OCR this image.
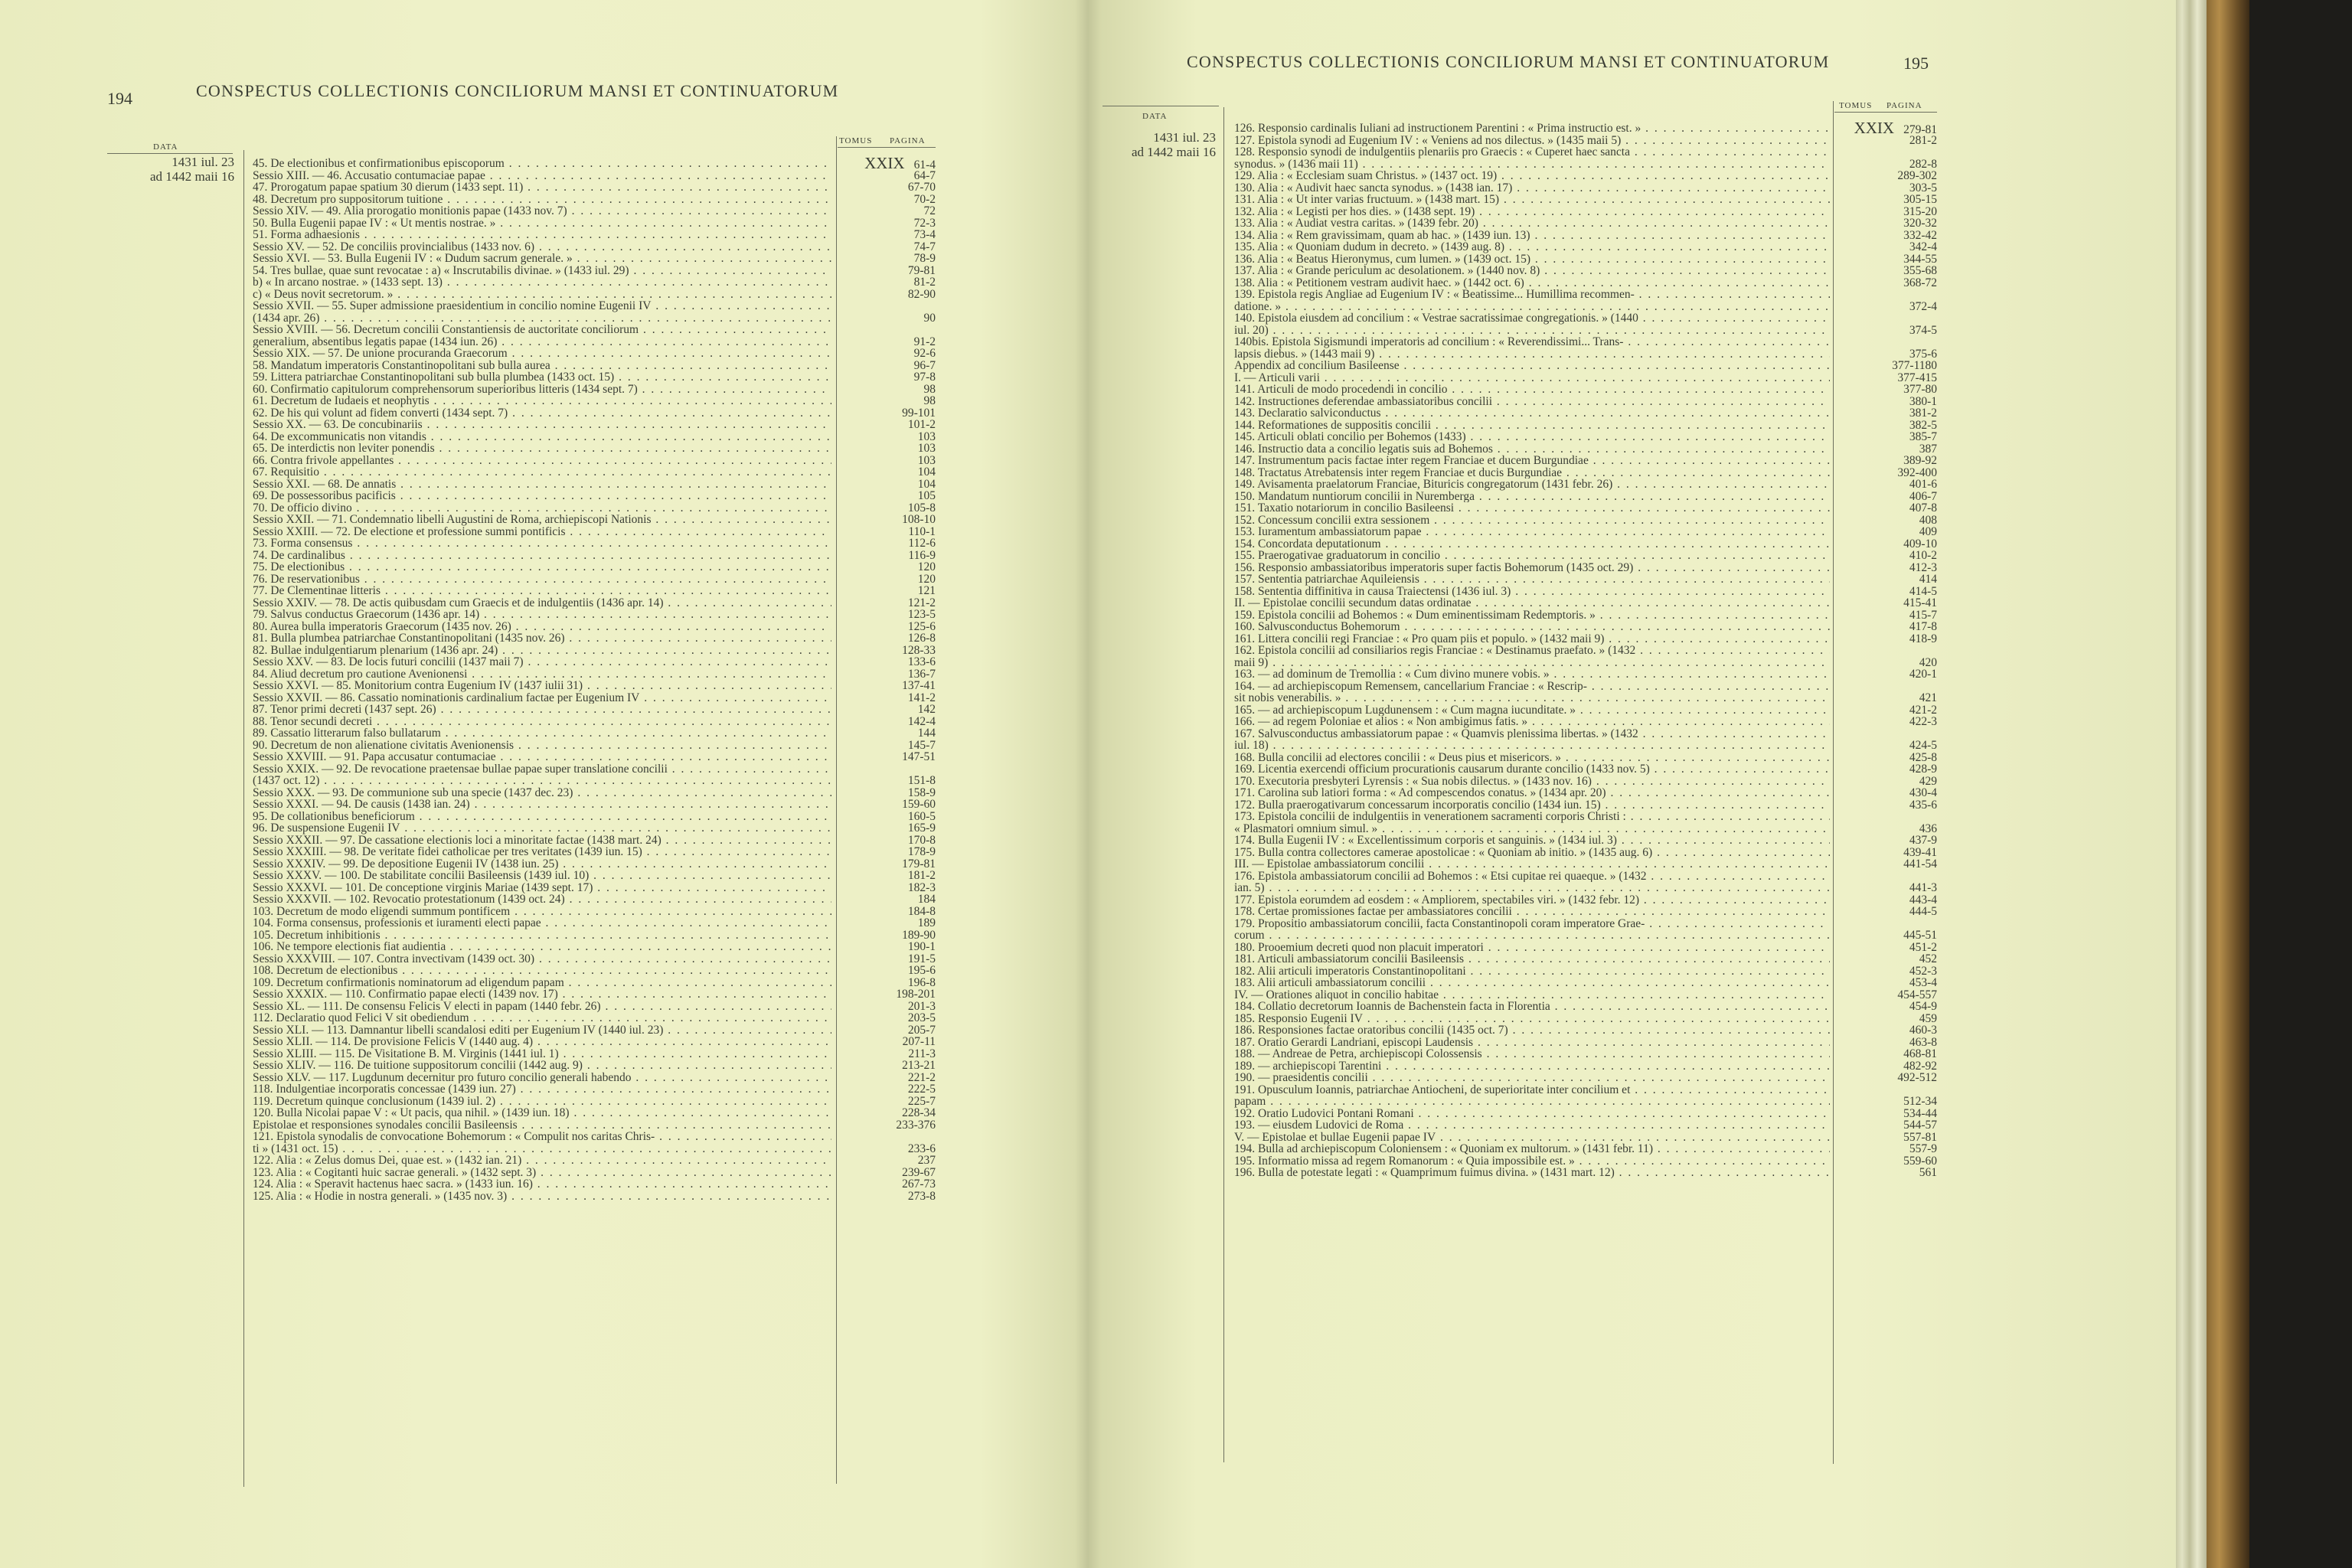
194	CONSPECTUS COLLECTIONIS CONCILIORUM MANSI ET CONTINUATORUM
DATA
TOMUS PAGINA
1431 iul. 23
ad 1442 maii 16
45. De electionibus et confirmationibus episcoporum . . .
Sessio XIII. — 46. Accusatio contumaciae papae . . .
47. Prorogatum papae spatium 30 dierum (1433 sept. 11) . . .
48. Decretum pro suppositorum tuitione . . .
Sessio XIV. — 49. Alia prorogatio monitionis papae (1433 nov. 7) . . .
50. Bulla Eugenii papae IV : « Ut mentis nostrae. » . . .
51. Forma adhaesionis . . .
Sessio XV. — 52. De conciliis provincialibus (1433 nov. 6) . . .
Sessio XVI. — 53. Bulla Eugenii IV : « Dudum sacrum generale. » . . .
54. Tres bullae, quae sunt revocatae : a) « Inscrutabilis divinae. » (1433 iul. 29) . . .
b) « In arcano nostrae. » (1433 sept. 13) . . .
c) « Deus novit secretorum. » . . .
Sessio XVII. — 55. Super admissione praesidentium in concilio nomine Eugenii IV . . .
(1434 apr. 26) . . .
Sessio XVIII. — 56. Decretum concilii Constantiensis de auctoritate conciliorum . . .
generalium, absentibus legatis papae (1434 iun. 26) . . .
Sessio XIX. — 57. De unione procuranda Graecorum . . .
58. Mandatum imperatoris Constantinopolitani sub bulla aurea . . .
59. Littera patriarchae Constantinopolitani sub bulla plumbea (1433 oct. 15) . . .
60. Confirmatio capitulorum comprehensorum superioribus litteris (1434 sept. 7) . . .
61. Decretum de Iudaeis et neophytis . . .
62. De his qui volunt ad fidem converti (1434 sept. 7) . . .
Sessio XX. — 63. De concubinariis . . .
64. De excommunicatis non vitandis . . .
65. De interdictis non leviter ponendis . . .
66. Contra frivole appellantes . . .
67. Requisitio . . .
Sessio XXI. — 68. De annatis . . .
69. De possessoribus pacificis . . .
70. De officio divino . . .
Sessio XXII. — 71. Condemnatio libelli Augustini de Roma, archiepiscopi Nationis . . .
Sessio XXIII. — 72. De electione et professione summi pontificis . . .
73. Forma consensus . . .
74. De cardinalibus . . .
75. De electionibus . . .
76. De reservationibus . . .
77. De Clementinae litteris . . .
Sessio XXIV. — 78. De actis quibusdam cum Graecis et de indulgentiis (1436 apr. 14) . . .
79. Salvus conductus Graecorum (1436 apr. 14) . . .
80. Aurea bulla imperatoris Graecorum (1435 nov. 26) . . .
81. Bulla plumbea patriarchae Constantinopolitani (1435 nov. 26) . . .
82. Bullae indulgentiarum plenarium (1436 apr. 24) . . .
Sessio XXV. — 83. De locis futuri concilii (1437 maii 7) . . .
84. Aliud decretum pro cautione Avenionensi . . .
Sessio XXVI. — 85. Monitorium contra Eugenium IV (1437 iulii 31) . . .
Sessio XXVII. — 86. Cassatio nominationis cardinalium factae per Eugenium IV . . .
87. Tenor primi decreti (1437 sept. 26) . . .
88. Tenor secundi decreti . . .
89. Cassatio litterarum falso bullatarum . . .
90. Decretum de non alienatione civitatis Avenionensis . . .
Sessio XXVIII. — 91. Papa accusatur contumaciae . . .
Sessio XXIX. — 92. De revocatione praetensae bullae papae super translatione concilii . . .
(1437 oct. 12) . . .
Sessio XXX. — 93. De communione sub una specie (1437 dec. 23) . . .
Sessio XXXI. — 94. De causis (1438 ian. 24) . . .
95. De collationibus beneficiorum . . .
96. De suspensione Eugenii IV . . .
Sessio XXXII. — 97. De cassatione electionis loci a minoritate factae (1438 mart. 24) . . .
Sessio XXXIII. — 98. De veritate fidei catholicae per tres veritates (1439 iun. 15) . . .
Sessio XXXIV. — 99. De depositione Eugenii IV (1438 iun. 25) . . .
Sessio XXXV. — 100. De stabilitate concilii Basileensis (1439 iul. 10) . . .
Sessio XXXVI. — 101. De conceptione virginis Mariae (1439 sept. 17) . . .
Sessio XXXVII. — 102. Revocatio protestationum (1439 oct. 24) . . .
103. Decretum de modo eligendi summum pontificem . . .
104. Forma consensus, professionis et iuramenti electi papae . . .
105. Decretum inhibitionis . . .
106. Ne tempore electionis fiat audientia . . .
Sessio XXXVIII. — 107. Contra invectivam (1439 oct. 30) . . .
108. Decretum de electionibus . . .
109. Decretum confirmationis nominatorum ad eligendum papam . . .
Sessio XXXIX. — 110. Confirmatio papae electi (1439 nov. 17) . . .
Sessio XL. — 111. De consensu Felicis V electi in papam (1440 febr. 26) . . .
112. Declaratio quod Felici V sit obediendum . . .
Sessio XLI. — 113. Damnantur libelli scandalosi editi per Eugenium IV (1440 iul. 23) . . .
Sessio XLII. — 114. De provisione Felicis V (1440 aug. 4) . . .
Sessio XLIII. — 115. De Visitatione B. M. Virginis (1441 iul. 1) . . .
Sessio XLIV. — 116. De tuitione suppositorum concilii (1442 aug. 9) . . .
Sessio XLV. — 117. Lugdunum decernitur pro futuro concilio generali habendo . . .
118. Indulgentiae incorporatis concessae (1439 iun. 27) . . .
119. Decretum quinque conclusionum (1439 iul. 2) . . .
120. Bulla Nicolai papae V : « Ut pacis, qua nihil. » (1439 iun. 18) . . .
Epistolae et responsiones synodales concilii Basileensis . . .
121. Epistola synodalis de convocatione Bohemorum : « Compulit nos caritas Chris- . . .
ti » (1431 oct. 15) . . .
122. Alia : « Zelus domus Dei, quae est. » (1432 ian. 21) . . .
123. Alia : « Cogitanti huic sacrae generali. » (1432 sept. 3) . . .
124. Alia : « Speravit hactenus haec sacra. » (1433 iun. 16) . . .
125. Alia : « Hodie in nostra generali. » (1435 nov. 3) . . .
XXIX 61-4
64-7
67-70
70-2
72
72-3
73-4
74-7
78-9
79-81
81-2
82-90
90
91-2
92-6
96-7
97-8
98
98
99-101
101-2
103
103
103
104
104
105
105-8
108-10
110-1
112-6
116-9
120
120
121
121-2
123-5
125-6
126-8
128-33
133-6
136-7
137-41
141-2
142
142-4
144
145-7
147-51
151-8
158-9
159-60
160-5
165-9
170-8
178-9
179-81
181-2
182-3
184
184-8
189
189-90
190-1
191-5
195-6
196-8
198-201
201-3
203-5
205-7
207-11
211-3
213-21
221-2
222-5
225-7
228-34
233-376
233-6
237
239-67
267-73
273-8
CONSPECTUS COLLECTIONIS CONCILIORUM MANSI ET CONTINUATORUM	195
DATA
TOMUS PAGINA
1431 iul. 23
ad 1442 maii 16
126. Responsio cardinalis Iuliani ad instructionem Parentini : « Prima instructio est. » . . .
127. Epistola synodi ad Eugenium IV : « Veniens ad nos dilectus. » (1435 maii 5) . . .
128. Responsio synodi de indulgentiis plenariis pro Graecis : « Cuperet haec sancta . . .
synodus. » (1436 maii 11) . . .
129. Alia : « Ecclesiam suam Christus. » (1437 oct. 19) . . .
130. Alia : « Audivit haec sancta synodus. » (1438 ian. 17) . . .
131. Alia : « Ut inter varias fructuum. » (1438 mart. 15) . . .
132. Alia : « Legisti per hos dies. » (1438 sept. 19) . . .
133. Alia : « Audiat vestra caritas. » (1439 febr. 20) . . .
134. Alia : « Rem gravissimam, quam ab hac. » (1439 iun. 13) . . .
135. Alia : « Quoniam dudum in decreto. » (1439 aug. 8) . . .
136. Alia : « Beatus Hieronymus, cum lumen. » (1439 oct. 15) . . .
137. Alia : « Grande periculum ac desolationem. » (1440 nov. 8) . . .
138. Alia : « Petitionem vestram audivit haec. » (1442 oct. 6) . . .
139. Epistola regis Angliae ad Eugenium IV : « Beatissime... Humillima recommen- . . .
datione. » . . .
140. Epistola eiusdem ad concilium : « Vestrae sacratissimae congregationis. » (1440 . . .
iul. 20) . . .
140bis. Epistola Sigismundi imperatoris ad concilium : « Reverendissimi... Trans- . . .
lapsis diebus. » (1443 maii 9) . . .
Appendix ad concilium Basileense . . .
I. — Articuli varii . . .
141. Articuli de modo procedendi in concilio . . .
142. Instructiones deferendae ambassiatoribus concilii . . .
143. Declaratio salviconductus . . .
144. Reformationes de suppositis concilii . . .
145. Articuli oblati concilio per Bohemos (1433) . . .
146. Instructio data a concilio legatis suis ad Bohemos . . .
147. Instrumentum pacis factae inter regem Franciae et ducem Burgundiae . . .
148. Tractatus Atrebatensis inter regem Franciae et ducis Burgundiae . . .
149. Avisamenta praelatorum Franciae, Bituricis congregatorum (1431 febr. 26) . . .
150. Mandatum nuntiorum concilii in Nuremberga . . .
151. Taxatio notariorum in concilio Basileensi . . .
152. Concessum concilii extra sessionem . . .
153. Iuramentum ambassiatorum papae . . .
154. Concordata deputationum . . .
155. Praerogativae graduatorum in concilio . . .
156. Responsio ambassiatoribus imperatoris super factis Bohemorum (1435 oct. 29) . . .
157. Sententia patriarchae Aquileiensis . . .
158. Sententia diffinitiva in causa Traiectensi (1436 iul. 3) . . .
II. — Epistolae concilii secundum datas ordinatae . . .
159. Epistola concilii ad Bohemos : « Dum eminentissimam Redemptoris. » . . .
160. Salvusconductus Bohemorum . . .
161. Littera concilii regi Franciae : « Pro quam piis et populo. » (1432 maii 9) . . .
162. Epistola concilii ad consiliarios regis Franciae : « Destinamus praefato. » (1432 . . .
maii 9) . . .
163. — ad dominum de Tremollia : « Cum divino munere vobis. » . . .
164. — ad archiepiscopum Remensem, cancellarium Franciae : « Rescrip- . . .
sit nobis venerabilis. » . . .
165. — ad archiepiscopum Lugdunensem : « Cum magna iucunditate. » . . .
166. — ad regem Poloniae et alios : « Non ambigimus fatis. » . . .
167. Salvusconductus ambassiatorum papae : « Quamvis plenissima libertas. » (1432 . . .
iul. 18) . . .
168. Bulla concilii ad electores concilii : « Deus pius et misericors. » . . .
169. Licentia exercendi officium procurationis causarum durante concilio (1433 nov. 5) . . .
170. Executoria presbyteri Lyrensis : « Sua nobis dilectus. » (1433 nov. 16) . . .
171. Carolina sub latiori forma : « Ad compescendos conatus. » (1434 apr. 20) . . .
172. Bulla praerogativarum concessarum incorporatis concilio (1434 iun. 15) . . .
173. Epistola concilii de indulgentiis in venerationem sacramenti corporis Christi : . . .
« Plasmatori omnium simul. » . . .
174. Bulla Eugenii IV : « Excellentissimum corporis et sanguinis. » (1434 iul. 3) . . .
175. Bulla contra collectores camerae apostolicae : « Quoniam ab initio. » (1435 aug. 6) . . .
III. — Epistolae ambassiatorum concilii . . .
176. Epistola ambassiatorum concilii ad Bohemos : « Etsi cupitae rei quaeque. » (1432 . . .
ian. 5) . . .
177. Epistola eorumdem ad eosdem : « Ampliorem, spectabiles viri. » (1432 febr. 12) . . .
178. Certae promissiones factae per ambassiatores concilii . . .
179. Propositio ambassiatorum concilii, facta Constantinopoli coram imperatore Grae- . . .
corum . . .
180. Prooemium decreti quod non placuit imperatori . . .
181. Articuli ambassiatorum concilii Basileensis . . .
182. Alii articuli imperatoris Constantinopolitani . . .
183. Alii articuli ambassiatorum concilii . . .
IV. — Orationes aliquot in concilio habitae . . .
184. Collatio decretorum Ioannis de Bachenstein facta in Florentia . . .
185. Responsio Eugenii IV . . .
186. Responsiones factae oratoribus concilii (1435 oct. 7) . . .
187. Oratio Gerardi Landriani, episcopi Laudensis . . .
188. — Andreae de Petra, archiepiscopi Colossensis . . .
189. — archiepiscopi Tarentini . . .
190. — praesidentis concilii . . .
191. Opusculum Ioannis, patriarchae Antiocheni, de superioritate inter concilium et . . .
papam . . .
192. Oratio Ludovici Pontani Romani . . .
193. — eiusdem Ludovici de Roma . . .
V. — Epistolae et bullae Eugenii papae IV . . .
194. Bulla ad archiepiscopum Coloniensem : « Quoniam ex multorum. » (1431 febr. 11) . . .
195. Informatio missa ad regem Romanorum : « Quia impossibile est. » . . .
196. Bulla de potestate legati : « Quamprimum fuimus divina. » (1431 mart. 12) . . .
XXIX 279-81
281-2
282-8
289-302
303-5
305-15
315-20
320-32
332-42
342-4
344-55
355-68
368-72
372-4
374-5
375-6
377-1180
377-415
377-80
380-1
381-2
382-5
385-7
387
389-92
392-400
401-6
406-7
407-8
408
409
409-10
410-2
412-3
414
414-5
415-41
415-7
417-8
418-9
420
420-1
421
421-2
422-3
424-5
425-8
428-9
429
430-4
435-6
436
437-9
439-41
441-54
441-3
443-4
444-5
445-51
451-2
452
452-3
453-4
454-557
454-9
459
460-3
463-8
468-81
482-92
492-512
512-34
534-44
544-57
557-81
557-9
559-60
561
